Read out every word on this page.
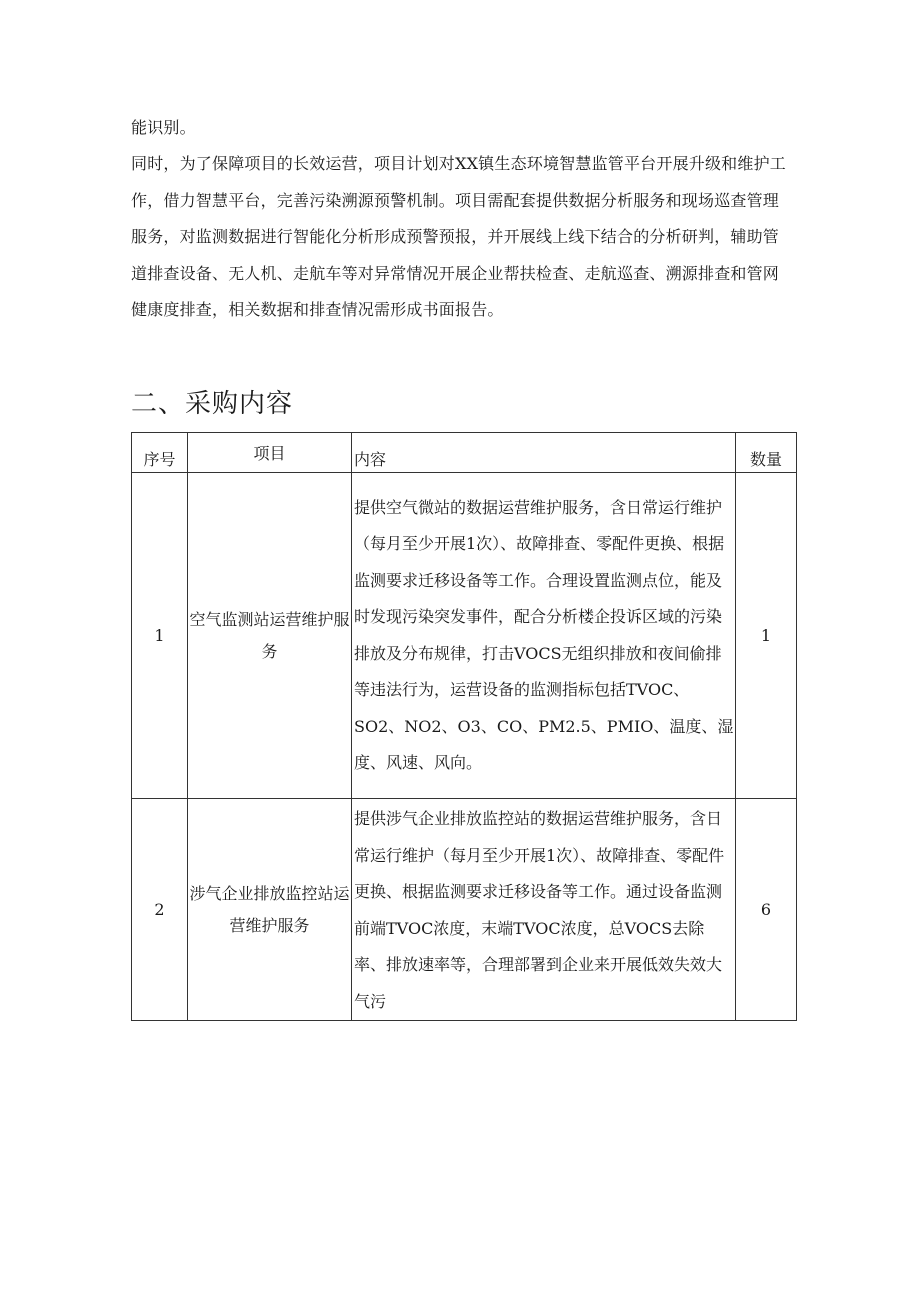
能识别。

同时，为了保障项目的长效运营，项目计划对XX镇生态环境智慧监管平台开展升级和维护工作，借力智慧平台，完善污染溯源预警机制。项目需配套提供数据分析服务和现场巡查管理服务，对监测数据进行智能化分析形成预警预报，并开展线上线下结合的分析研判，辅助管道排查设备、无人机、走航车等对异常情况开展企业帮扶检查、走航巡查、溯源排查和管网健康度排查，相关数据和排查情况需形成书面报告。

二、采购内容
序号	项目	内容	数量
1	空气监测站运营维护服务	提供空气微站的数据运营维护服务，含日常运行维护（每月至少开展1次）、故障排查、零配件更换、根据监测要求迁移设备等工作。合理设置监测点位，能及时发现污染突发事件，配合分析楼企投诉区域的污染排放及分布规律，打击VOCS无组织排放和夜间偷排等违法行为，运营设备的监测指标包括TVOC、SO2、NO2、O3、CO、PM2.5、PMIO、温度、湿度、风速、风向。	1
2	涉气企业排放监控站运营维护服务	提供涉气企业排放监控站的数据运营维护服务，含日常运行维护（每月至少开展1次）、故障排查、零配件更换、根据监测要求迁移设备等工作。通过设备监测前端TVOC浓度，末端TVOC浓度，总VOCS去除率、排放速率等，合理部署到企业来开展低效失效大气污	6
